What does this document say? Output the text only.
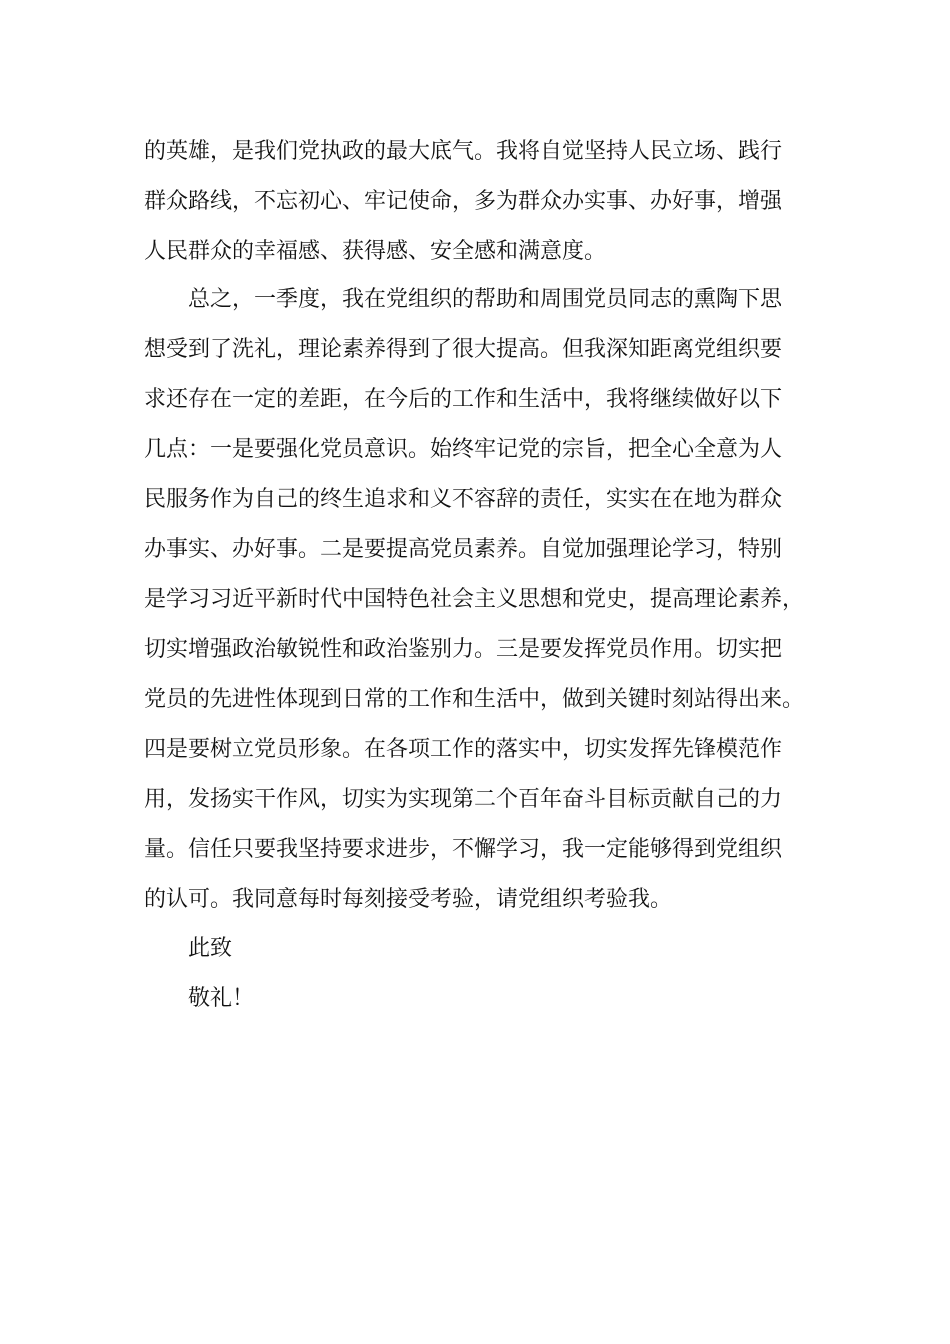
的英雄，是我们党执政的最大底气。我将自觉坚持人民立场、践行
群众路线，不忘初心、牢记使命，多为群众办实事、办好事，增强
人民群众的幸福感、获得感、安全感和满意度。
总之，一季度，我在党组织的帮助和周围党员同志的熏陶下思
想受到了洗礼，理论素养得到了很大提高。但我深知距离党组织要
求还存在一定的差距，在今后的工作和生活中，我将继续做好以下
几点：一是要强化党员意识。始终牢记党的宗旨，把全心全意为人
民服务作为自己的终生追求和义不容辞的责任，实实在在地为群众
办事实、办好事。二是要提高党员素养。自觉加强理论学习，特别
是学习习近平新时代中国特色社会主义思想和党史，提高理论素养，
切实增强政治敏锐性和政治鉴别力。三是要发挥党员作用。切实把
党员的先进性体现到日常的工作和生活中，做到关键时刻站得出来。
四是要树立党员形象。在各项工作的落实中，切实发挥先锋模范作
用，发扬实干作风，切实为实现第二个百年奋斗目标贡献自己的力
量。信任只要我坚持要求进步，不懈学习，我一定能够得到党组织
的认可。我同意每时每刻接受考验，请党组织考验我。
此致
敬礼！
